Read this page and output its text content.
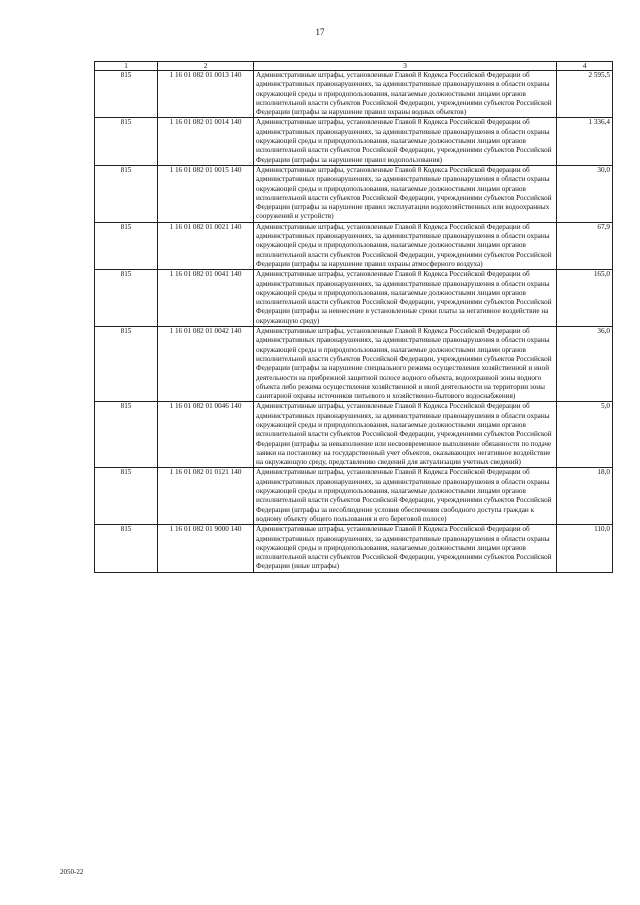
17
1	2	3	4
815	1 16 01 082 01 0013 140	Административные штрафы, установленные Главой 8 Кодекса Российской Федерации об административных правонарушениях, за административные правонарушения в области охраны окружающей среды и природопользования, налагаемые должностными лицами органов исполнительной власти субъектов Российской Федерации, учреждениями субъектов Российской Федерации (штрафы за нарушение правил охраны водных объектов)	2 595,5
815	1 16 01 082 01 0014 140	Административные штрафы, установленные Главой 8 Кодекса Российской Федерации об административных правонарушениях, за административные правонарушения в области охраны окружающей среды и природопользования, налагаемые должностными лицами органов исполнительной власти субъектов Российской Федерации, учреждениями субъектов Российской Федерации (штрафы за нарушение правил водопользования)	1 336,4
815	1 16 01 082 01 0015 140	Административные штрафы, установленные Главой 8 Кодекса Российской Федерации об административных правонарушениях, за административные правонарушения в области охраны окружающей среды и природопользования, налагаемые должностными лицами органов исполнительной власти субъектов Российской Федерации, учреждениями субъектов Российской Федерации (штрафы за нарушение правил эксплуатации водохозяйственных или водоохранных сооружений и устройств)	30,0
815	1 16 01 082 01 0021 140	Административные штрафы, установленные Главой 8 Кодекса Российской Федерации об административных правонарушениях, за административные правонарушения в области охраны окружающей среды и природопользования, налагаемые должностными лицами органов исполнительной власти субъектов Российской Федерации, учреждениями субъектов Российской Федерации (штрафы за нарушение правил охраны атмосферного воздуха)	67,9
815	1 16 01 082 01 0041 140	Административные штрафы, установленные Главой 8 Кодекса Российской Федерации об административных правонарушениях, за административные правонарушения в области охраны окружающей среды и природопользования, налагаемые должностными лицами органов исполнительной власти субъектов Российской Федерации, учреждениями субъектов Российской Федерации (штрафы за невнесение в установленные сроки платы за негативное воздействие на окружающую среду)	165,0
815	1 16 01 082 01 0042 140	Административные штрафы, установленные Главой 8 Кодекса Российской Федерации об административных правонарушениях, за административные правонарушения в области охраны окружающей среды и природопользования, налагаемые должностными лицами органов исполнительной власти субъектов Российской Федерации, учреждениями субъектов Российской Федерации (штрафы за нарушение специального режима осуществления хозяйственной и иной деятельности на прибрежной защитной полосе водного объекта, водоохранной зоны водного объекта либо режима осуществления хозяйственной и иной деятельности на территории зоны санитарной охраны источников питьевого и хозяйственно-бытового водоснабжения)	36,0
815	1 16 01 082 01 0046 140	Административные штрафы, установленные Главой 8 Кодекса Российской Федерации об административных правонарушениях, за административные правонарушения в области охраны окружающей среды и природопользования, налагаемые должностными лицами органов исполнительной власти субъектов Российской Федерации, учреждениями субъектов Российской Федерации (штрафы за невыполнение или несвоевременное выполнение обязанности по подаче заявки на постановку на государственный учет объектов, оказывающих негативное воздействие на окружающую среду, представлению сведений для актуализации учетных сведений)	5,0
815	1 16 01 082 01 0121 140	Административные штрафы, установленные Главой 8 Кодекса Российской Федерации об административных правонарушениях, за административные правонарушения в области охраны окружающей среды и природопользования, налагаемые должностными лицами органов исполнительной власти субъектов Российской Федерации, учреждениями субъектов Российской Федерации (штрафы за несоблюдение условия обеспечения свободного доступа граждан к водному объекту общего пользования и его береговой полосе)	18,0
815	1 16 01 082 01 9000 140	Административные штрафы, установленные Главой 8 Кодекса Российской Федерации об административных правонарушениях, за административные правонарушения в области охраны окружающей среды и природопользования, налагаемые должностными лицами органов исполнительной власти субъектов Российской Федерации, учреждениями субъектов Российской Федерации (иные штрафы)	110,0
2050-22
